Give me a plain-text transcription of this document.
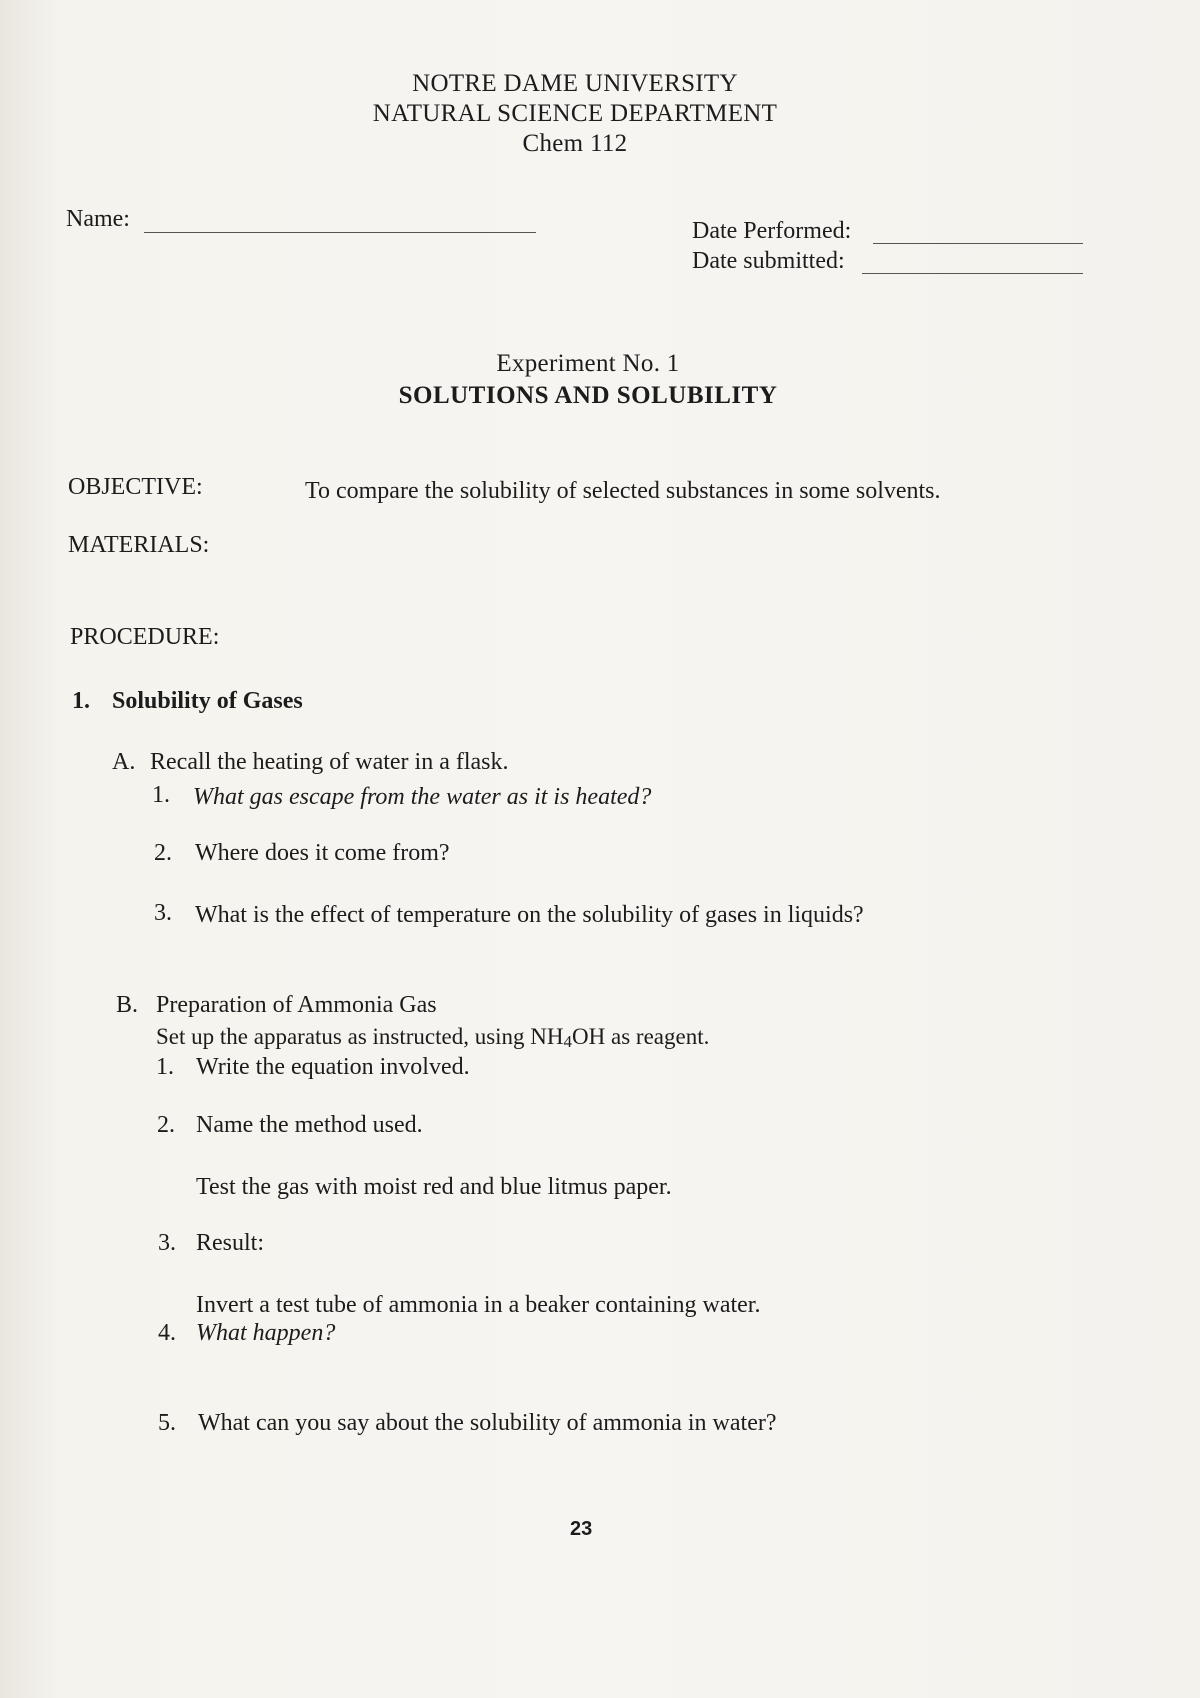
NOTRE DAME UNIVERSITY
NATURAL SCIENCE DEPARTMENT
Chem 112
Name:	Date Performed:
Date submitted:
Experiment No. 1
SOLUTIONS AND SOLUBILITY
OBJECTIVE:	To compare the solubility of selected substances in some solvents.
MATERIALS:
PROCEDURE:
1. Solubility of Gases
A. Recall the heating of water in a flask.
1. What gas escape from the water as it is heated?
2. Where does it come from?
3. What is the effect of temperature on the solubility of gases in liquids?
B. Preparation of Ammonia Gas
Set up the apparatus as instructed, using NH4OH as reagent.
1. Write the equation involved.
2. Name the method used.
Test the gas with moist red and blue litmus paper.
3. Result:
Invert a test tube of ammonia in a beaker containing water.
4. What happen?
5. What can you say about the solubility of ammonia in water?
23
